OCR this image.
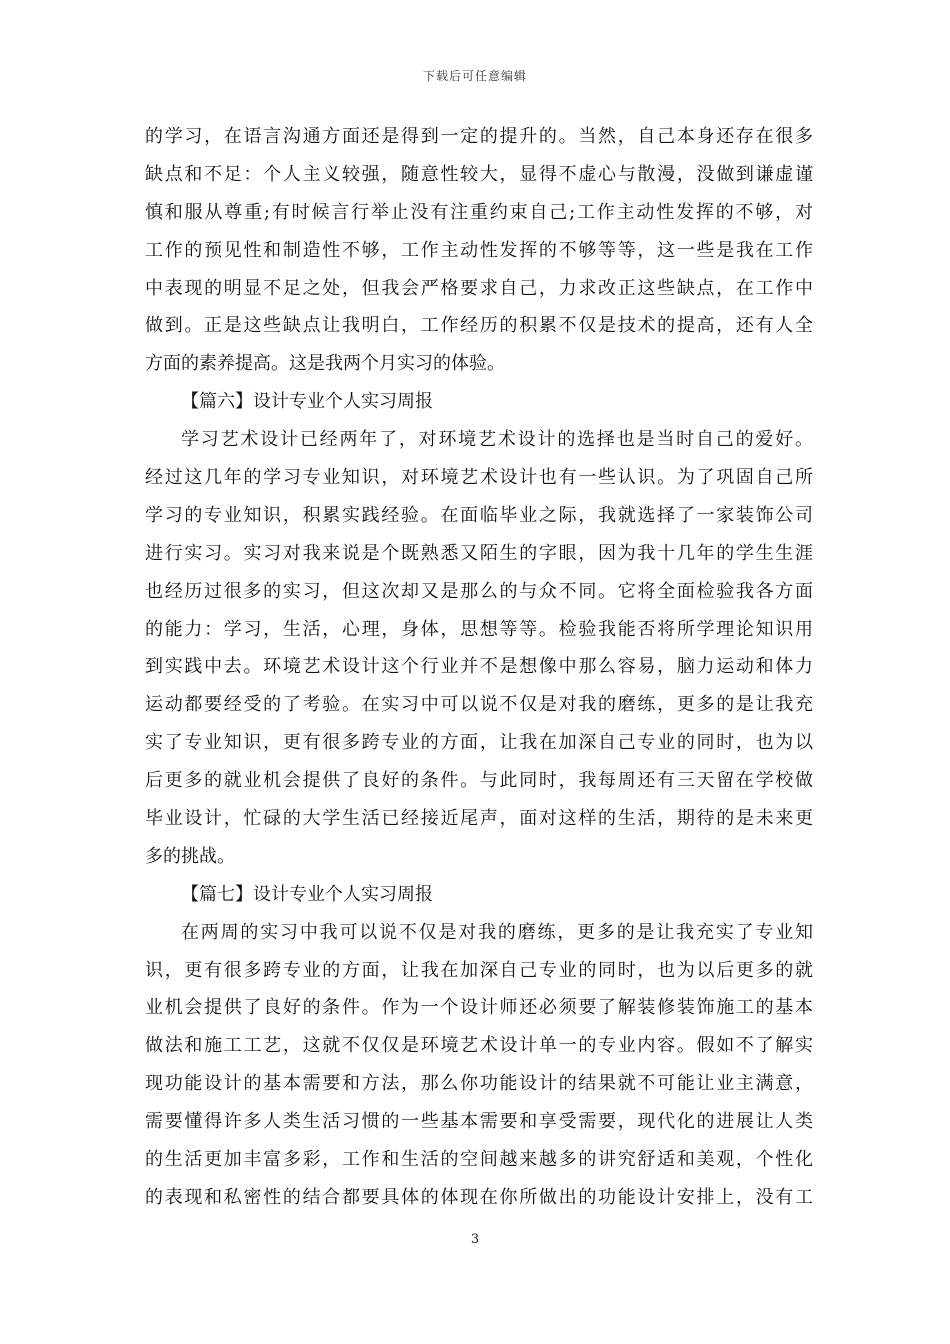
下载后可任意编辑
的学习，在语言沟通方面还是得到一定的提升的。当然，自己本身还存在很多
缺点和不足：个人主义较强，随意性较大，显得不虚心与散漫，没做到谦虚谨
慎和服从尊重;有时候言行举止没有注重约束自己;工作主动性发挥的不够，对
工作的预见性和制造性不够，工作主动性发挥的不够等等，这一些是我在工作
中表现的明显不足之处，但我会严格要求自己，力求改正这些缺点，在工作中
做到。正是这些缺点让我明白，工作经历的积累不仅是技术的提高，还有人全
方面的素养提高。这是我两个月实习的体验。
【篇六】设计专业个人实习周报
学习艺术设计已经两年了，对环境艺术设计的选择也是当时自己的爱好。
经过这几年的学习专业知识，对环境艺术设计也有一些认识。为了巩固自己所
学习的专业知识，积累实践经验。在面临毕业之际，我就选择了一家装饰公司
进行实习。实习对我来说是个既熟悉又陌生的字眼，因为我十几年的学生生涯
也经历过很多的实习，但这次却又是那么的与众不同。它将全面检验我各方面
的能力：学习，生活，心理，身体，思想等等。检验我能否将所学理论知识用
到实践中去。环境艺术设计这个行业并不是想像中那么容易，脑力运动和体力
运动都要经受的了考验。在实习中可以说不仅是对我的磨练，更多的是让我充
实了专业知识，更有很多跨专业的方面，让我在加深自己专业的同时，也为以
后更多的就业机会提供了良好的条件。与此同时，我每周还有三天留在学校做
毕业设计，忙碌的大学生活已经接近尾声，面对这样的生活，期待的是未来更
多的挑战。
【篇七】设计专业个人实习周报
在两周的实习中我可以说不仅是对我的磨练，更多的是让我充实了专业知
识，更有很多跨专业的方面，让我在加深自己专业的同时，也为以后更多的就
业机会提供了良好的条件。作为一个设计师还必须要了解装修装饰施工的基本
做法和施工工艺，这就不仅仅是环境艺术设计单一的专业内容。假如不了解实
现功能设计的基本需要和方法，那么你功能设计的结果就不可能让业主满意，
需要懂得许多人类生活习惯的一些基本需要和享受需要，现代化的进展让人类
的生活更加丰富多彩，工作和生活的空间越来越多的讲究舒适和美观，个性化
的表现和私密性的结合都要具体的体现在你所做出的功能设计安排上，没有工
3
